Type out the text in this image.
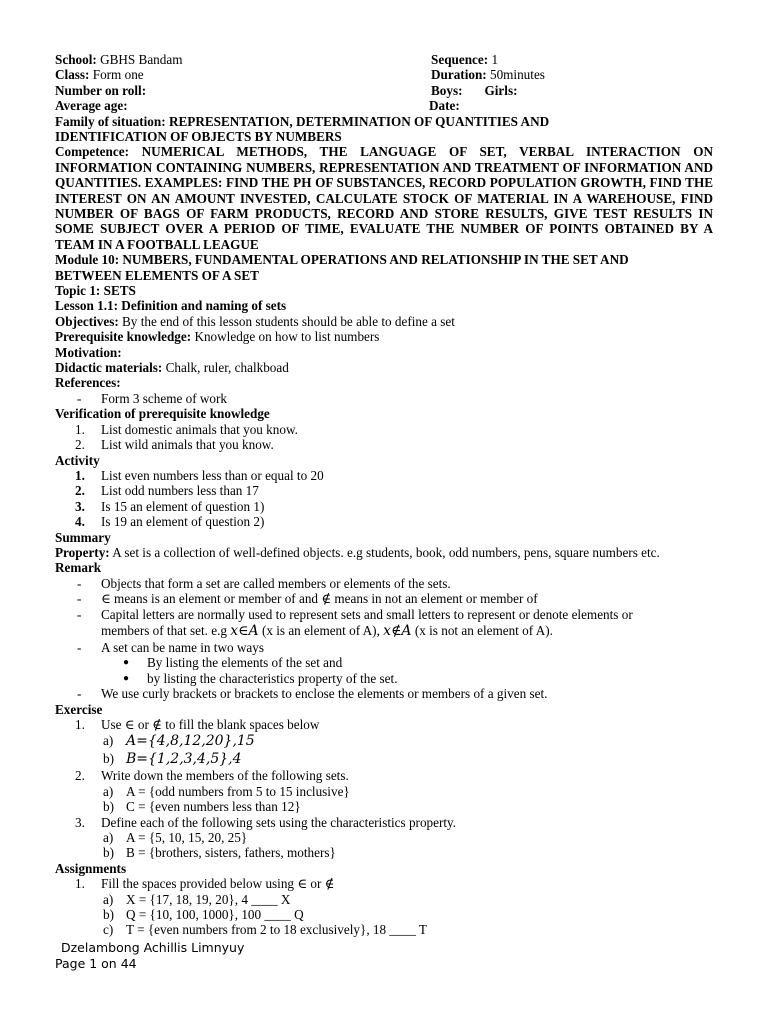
School: GBHS Bandam	Sequence: 1
Class: Form one	Duration: 50minutes
Number on roll:	Boys: Girls:
Average age:	Date:
Family of situation: REPRESENTATION, DETERMINATION OF QUANTITIES AND
IDENTIFICATION OF OBJECTS BY NUMBERS
Competence: NUMERICAL METHODS, THE LANGUAGE OF SET, VERBAL INTERACTION ON INFORMATION CONTAINING NUMBERS, REPRESENTATION AND TREATMENT OF INFORMATION AND QUANTITIES. EXAMPLES: FIND THE PH OF SUBSTANCES, RECORD POPULATION GROWTH, FIND THE INTEREST ON AN AMOUNT INVESTED, CALCULATE STOCK OF MATERIAL IN A WAREHOUSE, FIND NUMBER OF BAGS OF FARM PRODUCTS, RECORD AND STORE RESULTS, GIVE TEST RESULTS IN SOME SUBJECT OVER A PERIOD OF TIME, EVALUATE THE NUMBER OF POINTS OBTAINED BY A TEAM IN A FOOTBALL LEAGUE
Module 10: NUMBERS, FUNDAMENTAL OPERATIONS AND RELATIONSHIP IN THE SET AND
BETWEEN ELEMENTS OF A SET
Topic 1: SETS
Lesson 1.1: Definition and naming of sets
Objectives: By the end of this lesson students should be able to define a set
Prerequisite knowledge: Knowledge on how to list numbers
Motivation:
Didactic materials: Chalk, ruler, chalkboad
References:
-	Form 3 scheme of work
Verification of prerequisite knowledge
1.	List domestic animals that you know.
2.	List wild animals that you know.
Activity
1.	List even numbers less than or equal to 20
2.	List odd numbers less than 17
3.	Is 15 an element of question 1)
4.	Is 19 an element of question 2)
Summary
Property: A set is a collection of well-defined objects. e.g students, book, odd numbers, pens, square numbers etc.
Remark
-	Objects that form a set are called members or elements of the sets.
-	∈ means is an element or member of and ∉ means in not an element or member of
-	Capital letters are normally used to represent sets and small letters to represent or denote elements or
members of that set. e.g x∈A (x is an element of A), x∉A (x is not an element of A).
-	A set can be name in two ways
● By listing the elements of the set and
● by listing the characteristics property of the set.
-	We use curly brackets or brackets to enclose the elements or members of a given set.
Exercise
1.	Use ∈ or ∉ to fill the blank spaces below
a) A={4,8,12,20},15
b) B={1,2,3,4,5},4
2.	Write down the members of the following sets.
a) A = {odd numbers from 5 to 15 inclusive}
b) C = {even numbers less than 12}
3.	Define each of the following sets using the characteristics property.
a) A = {5, 10, 15, 20, 25}
b) B = {brothers, sisters, fathers, mothers}
Assignments
1.	Fill the spaces provided below using ∈ or ∉
a) X = {17, 18, 19, 20}, 4 ____ X
b) Q = {10, 100, 1000}, 100 ____ Q
c) T = {even numbers from 2 to 18 exclusively}, 18 ____ T
Dzelambong Achillis Limnyuy
Page 1 on 44
